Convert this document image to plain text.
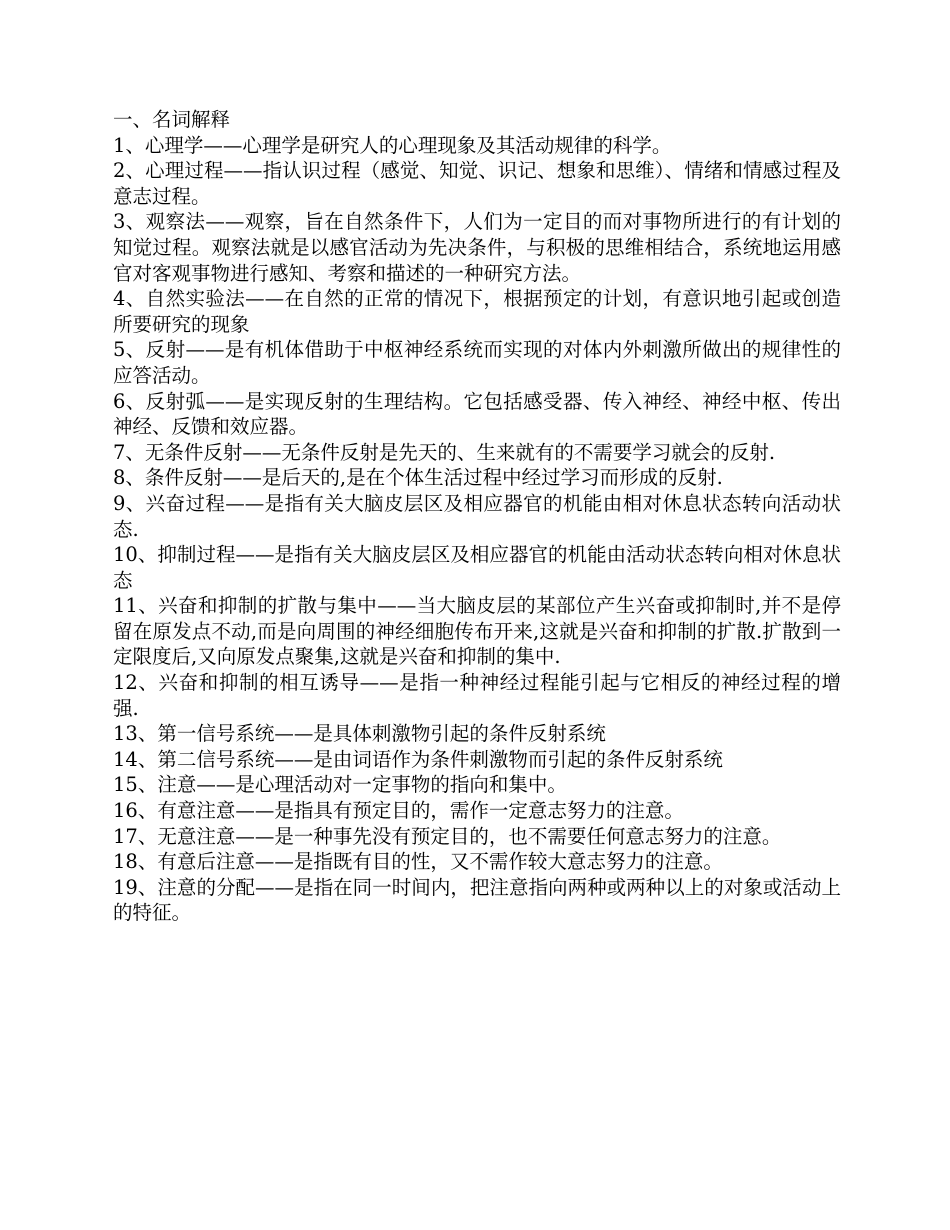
一、名词解释

1、心理学——心理学是研究人的心理现象及其活动规律的科学。

2、心理过程——指认识过程（感觉、知觉、识记、想象和思维）、情绪和情感过程及意志过程。

3、观察法——观察，旨在自然条件下，人们为一定目的而对事物所进行的有计划的知觉过程。观察法就是以感官活动为先决条件，与积极的思维相结合，系统地运用感官对客观事物进行感知、考察和描述的一种研究方法。

4、自然实验法——在自然的正常的情况下，根据预定的计划，有意识地引起或创造所要研究的现象

5、反射——是有机体借助于中枢神经系统而实现的对体内外刺激所做出的规律性的应答活动。

6、反射弧——是实现反射的生理结构。它包括感受器、传入神经、神经中枢、传出神经、反馈和效应器。

7、无条件反射——无条件反射是先天的、生来就有的不需要学习就会的反射.

8、条件反射——是后天的,是在个体生活过程中经过学习而形成的反射.

9、兴奋过程——是指有关大脑皮层区及相应器官的机能由相对休息状态转向活动状态.

10、抑制过程——是指有关大脑皮层区及相应器官的机能由活动状态转向相对休息状态

11、兴奋和抑制的扩散与集中——当大脑皮层的某部位产生兴奋或抑制时,并不是停留在原发点不动,而是向周围的神经细胞传布开来,这就是兴奋和抑制的扩散.扩散到一定限度后,又向原发点聚集,这就是兴奋和抑制的集中.

12、兴奋和抑制的相互诱导——是指一种神经过程能引起与它相反的神经过程的增强.

13、第一信号系统——是具体刺激物引起的条件反射系统

14、第二信号系统——是由词语作为条件刺激物而引起的条件反射系统

15、注意——是心理活动对一定事物的指向和集中。

16、有意注意——是指具有预定目的，需作一定意志努力的注意。

17、无意注意——是一种事先没有预定目的，也不需要任何意志努力的注意。

18、有意后注意——是指既有目的性，又不需作较大意志努力的注意。

19、注意的分配——是指在同一时间内，把注意指向两种或两种以上的对象或活动上的特征。
